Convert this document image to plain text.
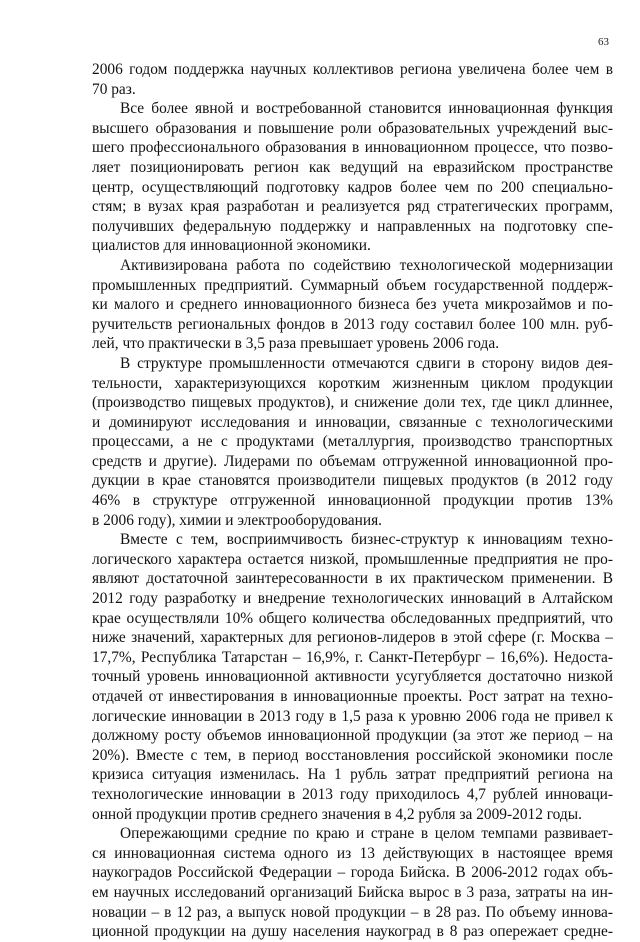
63
2006 годом поддержка научных коллективов региона увеличена более чем в
70 раз.
Все более явной и востребованной становится инновационная функция
высшего образования и повышение роли образовательных учреждений выс-
шего профессионального образования в инновационном процессе, что позво-
ляет позиционировать регион как ведущий на евразийском пространстве
центр, осуществляющий подготовку кадров более чем по 200 специально-
стям; в вузах края разработан и реализуется ряд стратегических программ,
получивших федеральную поддержку и направленных на подготовку спе-
циалистов для инновационной экономики.
Активизирована работа по содействию технологической модернизации
промышленных предприятий. Суммарный объем государственной поддерж-
ки малого и среднего инновационного бизнеса без учета микрозаймов и по-
ручительств региональных фондов в 2013 году составил более 100 млн. руб-
лей, что практически в 3,5 раза превышает уровень 2006 года.
В структуре промышленности отмечаются сдвиги в сторону видов дея-
тельности, характеризующихся коротким жизненным циклом продукции
(производство пищевых продуктов), и снижение доли тех, где цикл длиннее,
и доминируют исследования и инновации, связанные с технологическими
процессами, а не с продуктами (металлургия, производство транспортных
средств и другие). Лидерами по объемам отгруженной инновационной про-
дукции в крае становятся производители пищевых продуктов (в 2012 году
46% в структуре отгруженной инновационной продукции против 13%
в 2006 году), химии и электрооборудования.
Вместе с тем, восприимчивость бизнес-структур к инновациям техно-
логического характера остается низкой, промышленные предприятия не про-
являют достаточной заинтересованности в их практическом применении. В
2012 году разработку и внедрение технологических инноваций в Алтайском
крае осуществляли 10% общего количества обследованных предприятий, что
ниже значений, характерных для регионов-лидеров в этой сфере (г. Москва –
17,7%, Республика Татарстан – 16,9%, г. Санкт-Петербург – 16,6%). Недоста-
точный уровень инновационной активности усугубляется достаточно низкой
отдачей от инвестирования в инновационные проекты. Рост затрат на техно-
логические инновации в 2013 году в 1,5 раза к уровню 2006 года не привел к
должному росту объемов инновационной продукции (за этот же период – на
20%). Вместе с тем, в период восстановления российской экономики после
кризиса ситуация изменилась. На 1 рубль затрат предприятий региона на
технологические инновации в 2013 году приходилось 4,7 рублей инноваци-
онной продукции против среднего значения в 4,2 рубля за 2009-2012 годы.
Опережающими средние по краю и стране в целом темпами развивает-
ся инновационная система одного из 13 действующих в настоящее время
наукоградов Российской Федерации – города Бийска. В 2006-2012 годах объ-
ем научных исследований организаций Бийска вырос в 3 раза, затраты на ин-
новации – в 12 раз, а выпуск новой продукции – в 28 раз. По объему иннова-
ционной продукции на душу населения наукоград в 8 раз опережает средне-
